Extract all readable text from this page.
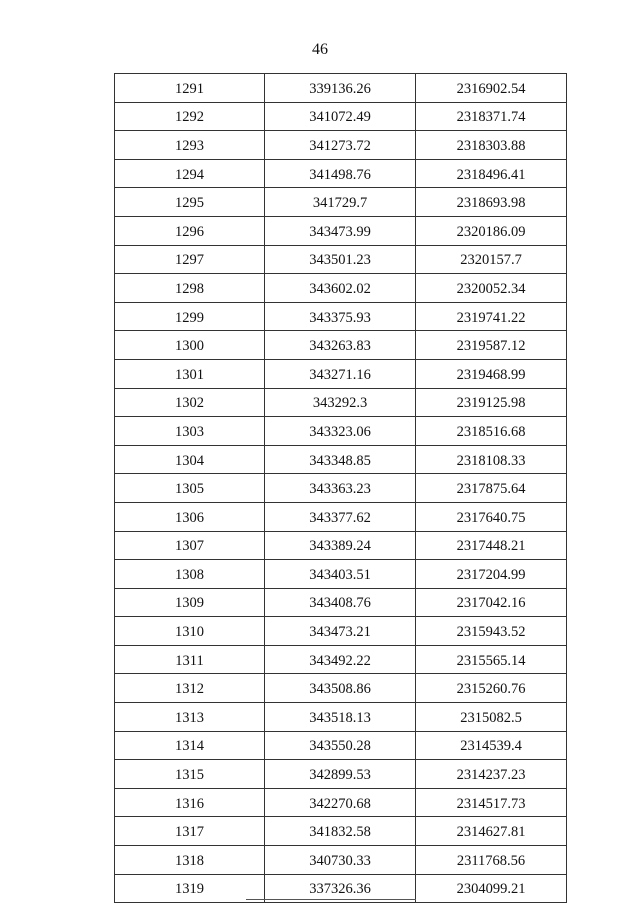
46
1291	339136.26	2316902.54
1292	341072.49	2318371.74
1293	341273.72	2318303.88
1294	341498.76	2318496.41
1295	341729.7	2318693.98
1296	343473.99	2320186.09
1297	343501.23	2320157.7
1298	343602.02	2320052.34
1299	343375.93	2319741.22
1300	343263.83	2319587.12
1301	343271.16	2319468.99
1302	343292.3	2319125.98
1303	343323.06	2318516.68
1304	343348.85	2318108.33
1305	343363.23	2317875.64
1306	343377.62	2317640.75
1307	343389.24	2317448.21
1308	343403.51	2317204.99
1309	343408.76	2317042.16
1310	343473.21	2315943.52
1311	343492.22	2315565.14
1312	343508.86	2315260.76
1313	343518.13	2315082.5
1314	343550.28	2314539.4
1315	342899.53	2314237.23
1316	342270.68	2314517.73
1317	341832.58	2314627.81
1318	340730.33	2311768.56
1319	337326.36	2304099.21
